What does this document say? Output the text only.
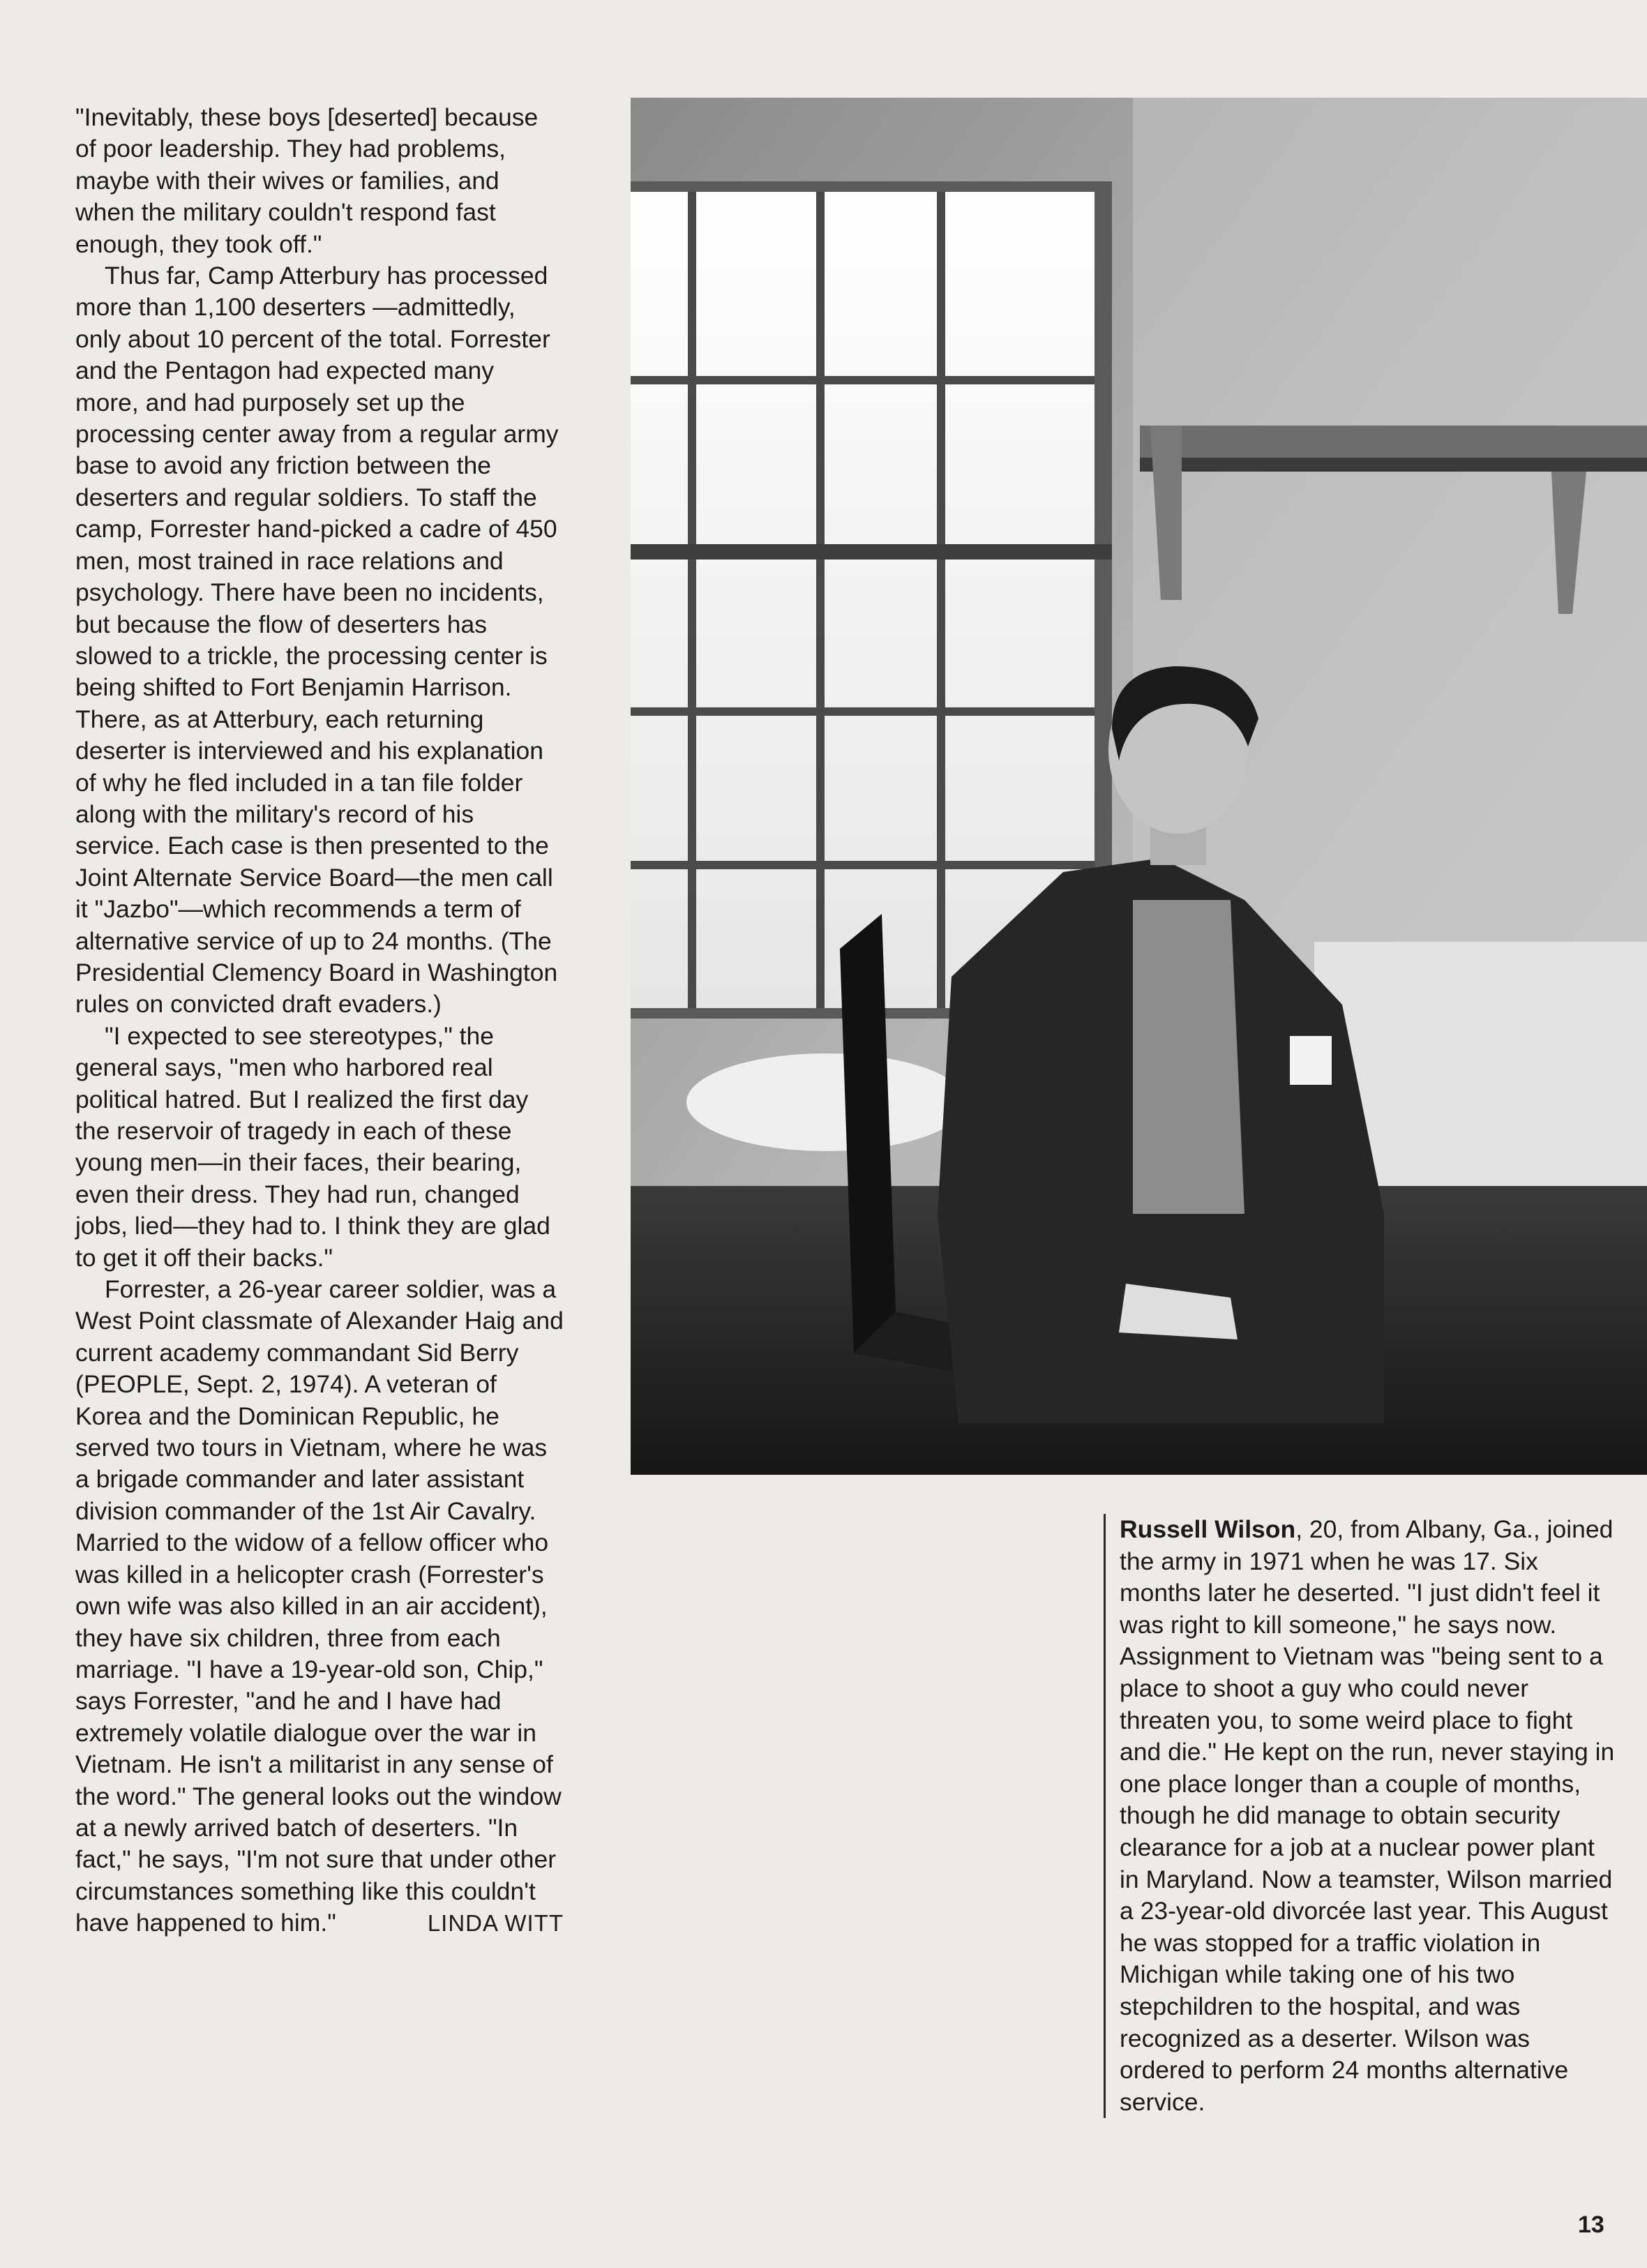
"Inevitably, these boys [deserted] because of poor leadership. They had problems, maybe with their wives or families, and when the military couldn't respond fast enough, they took off."

Thus far, Camp Atterbury has processed more than 1,100 deserters —admittedly, only about 10 percent of the total. Forrester and the Pentagon had expected many more, and had purposely set up the processing center away from a regular army base to avoid any friction between the deserters and regular soldiers. To staff the camp, Forrester hand-picked a cadre of 450 men, most trained in race relations and psychology. There have been no incidents, but because the flow of deserters has slowed to a trickle, the processing center is being shifted to Fort Benjamin Harrison. There, as at Atterbury, each returning deserter is interviewed and his explanation of why he fled included in a tan file folder along with the military's record of his service. Each case is then presented to the Joint Alternate Service Board—the men call it "Jazbo"—which recommends a term of alternative service of up to 24 months. (The Presidential Clemency Board in Washington rules on convicted draft evaders.)

"I expected to see stereotypes," the general says, "men who harbored real political hatred. But I realized the first day the reservoir of tragedy in each of these young men—in their faces, their bearing, even their dress. They had run, changed jobs, lied—they had to. I think they are glad to get it off their backs."

Forrester, a 26-year career soldier, was a West Point classmate of Alexander Haig and current academy commandant Sid Berry (PEOPLE, Sept. 2, 1974). A veteran of Korea and the Dominican Republic, he served two tours in Vietnam, where he was a brigade commander and later assistant division commander of the 1st Air Cavalry. Married to the widow of a fellow officer who was killed in a helicopter crash (Forrester's own wife was also killed in an air accident), they have six children, three from each marriage. "I have a 19-year-old son, Chip," says Forrester, "and he and I have had extremely volatile dialogue over the war in Vietnam. He isn't a militarist in any sense of the word." The general looks out the window at a newly arrived batch of deserters. "In fact," he says, "I'm not sure that under other circumstances something like this couldn't have happened to him."	LINDA WITT

Russell Wilson, 20, from Albany, Ga., joined the army in 1971 when he was 17. Six months later he deserted. "I just didn't feel it was right to kill someone," he says now. Assignment to Vietnam was "being sent to a place to shoot a guy who could never threaten you, to some weird place to fight and die." He kept on the run, never staying in one place longer than a couple of months, though he did manage to obtain security clearance for a job at a nuclear power plant in Maryland. Now a teamster, Wilson married a 23-year-old divorcée last year. This August he was stopped for a traffic violation in Michigan while taking one of his two stepchildren to the hospital, and was recognized as a deserter. Wilson was ordered to perform 24 months alternative service.
13
